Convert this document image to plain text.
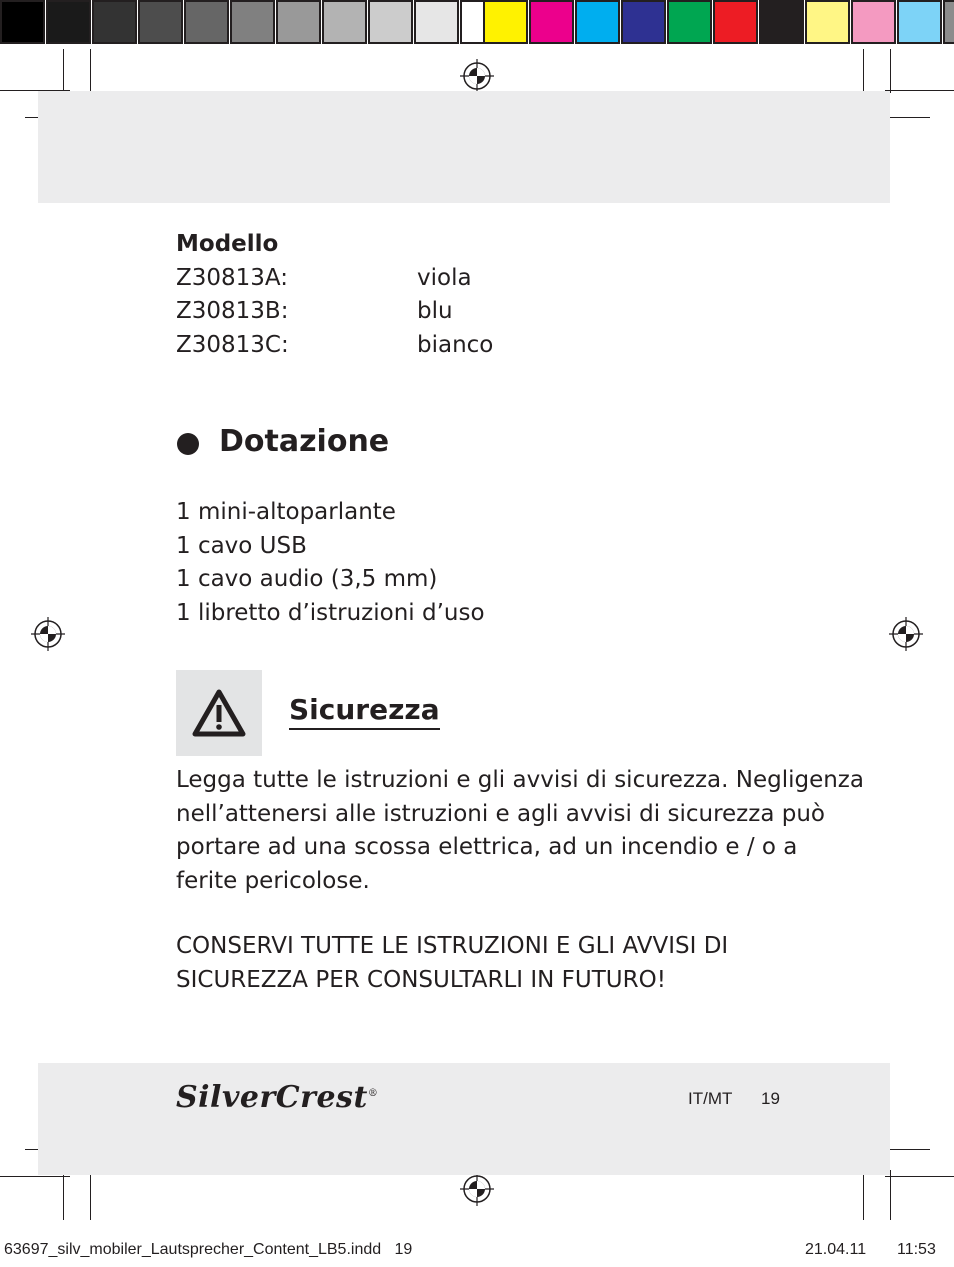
Modello
Z30813A:	viola
Z30813B:	blu
Z30813C:	bianco
Dotazione
1 mini-altoparlante
1 cavo USB
1 cavo audio (3,5 mm)
1 libretto d’istruzioni d’uso
Sicurezza
Legga tutte le istruzioni e gli avvisi di sicurezza. Negligenza
nell’attenersi alle istruzioni e agli avvisi di sicurezza può
portare ad una scossa elettrica, ad un incendio e / o a
ferite pericolose.
CONSERVI TUTTE LE ISTRUZIONI E GLI AVVISI DI
SICUREZZA PER CONSULTARLI IN FUTURO!
SilverCrest®	IT/MT 19
63697_silv_mobiler_Lautsprecher_Content_LB5.indd   19	21.04.11 11:53
